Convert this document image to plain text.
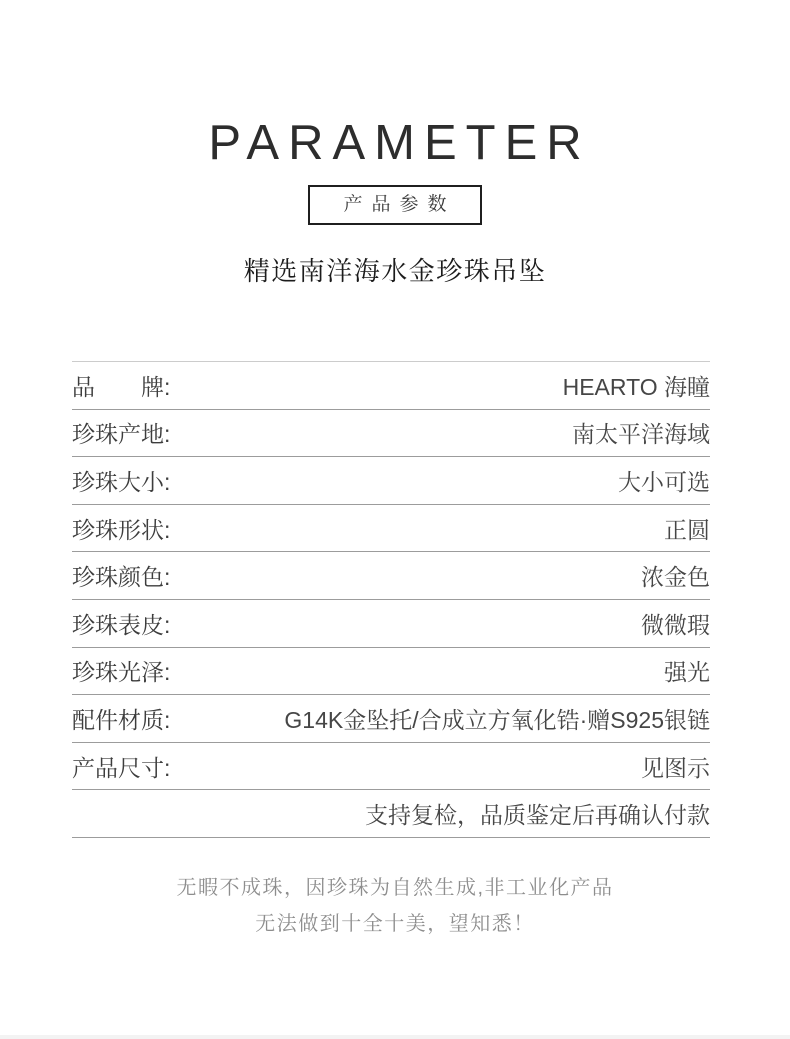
PARAMETER
产品参数
精选南洋海水金珍珠吊坠
品　　牌:	HEARTO 海瞳
珍珠产地:	南太平洋海域
珍珠大小:	大小可选
珍珠形状:	正圆
珍珠颜色:	浓金色
珍珠表皮:	微微瑕
珍珠光泽:	强光
配件材质:	G14K金坠托/合成立方氧化锆·赠S925银链
产品尺寸:	见图示
支持复检，品质鉴定后再确认付款
无暇不成珠，因珍珠为自然生成,非工业化产品
无法做到十全十美，望知悉！
